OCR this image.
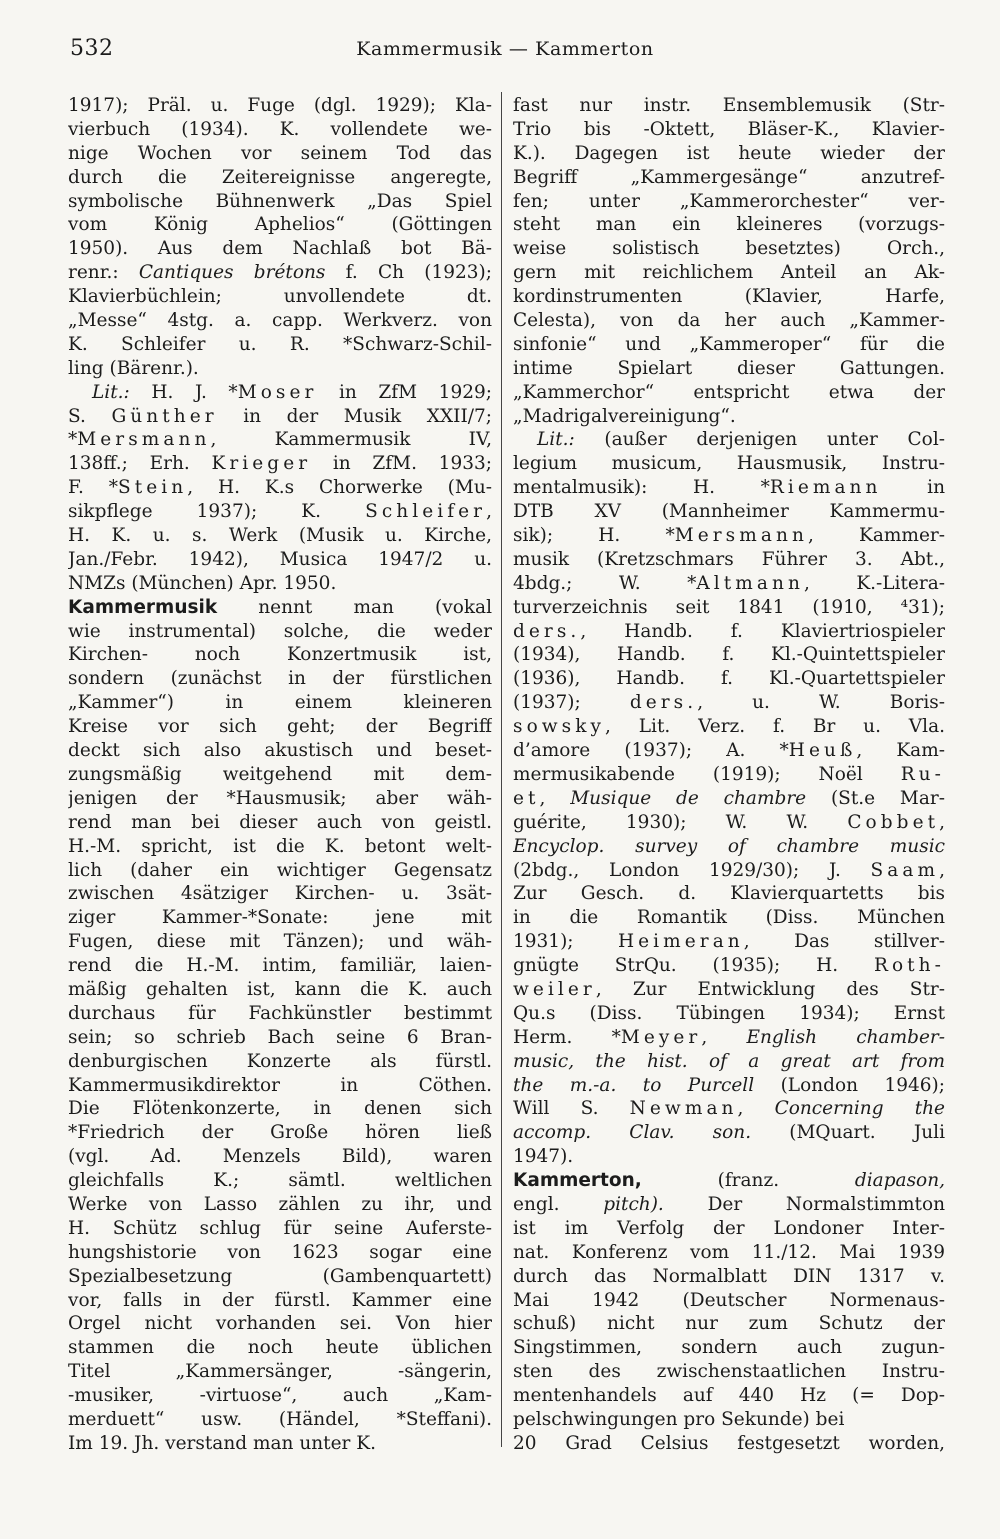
532	Kammermusik — Kammerton
1917); Präl. u. Fuge (dgl. 1929); Kla-
vierbuch (1934). K. vollendete we-
nige Wochen vor seinem Tod das
durch die Zeitereignisse angeregte,
symbolische Bühnenwerk „Das Spiel
vom König Aphelios“ (Göttingen
1950). Aus dem Nachlaß bot Bä-
renr.: Cantiques brétons f. Ch (1923);
Klavierbüchlein; unvollendete dt.
„Messe“ 4stg. a. capp. Werkverz. von
K. Schleifer u. R. *Schwarz-Schil-
ling (Bärenr.).
Lit.: H. J. *Moser in ZfM 1929;
S. Günther in der Musik XXII/7;
*Mersmann, Kammermusik IV,
138ff.; Erh. Krieger in ZfM. 1933;
F. *Stein, H. K.s Chorwerke (Mu-
sikpflege 1937); K. Schleifer,
H. K. u. s. Werk (Musik u. Kirche,
Jan./Febr. 1942), Musica 1947/2 u.
NMZs (München) Apr. 1950.
Kammermusik nennt man (vokal
wie instrumental) solche, die weder
Kirchen- noch Konzertmusik ist,
sondern (zunächst in der fürstlichen
„Kammer“) in einem kleineren
Kreise vor sich geht; der Begriff
deckt sich also akustisch und beset-
zungsmäßig weitgehend mit dem-
jenigen der *Hausmusik; aber wäh-
rend man bei dieser auch von geistl.
H.-M. spricht, ist die K. betont welt-
lich (daher ein wichtiger Gegensatz
zwischen 4sätziger Kirchen- u. 3sät-
ziger Kammer-*Sonate: jene mit
Fugen, diese mit Tänzen); und wäh-
rend die H.-M. intim, familiär, laien-
mäßig gehalten ist, kann die K. auch
durchaus für Fachkünstler bestimmt
sein; so schrieb Bach seine 6 Bran-
denburgischen Konzerte als fürstl.
Kammermusikdirektor in Cöthen.
Die Flötenkonzerte, in denen sich
*Friedrich der Große hören ließ
(vgl. Ad. Menzels Bild), waren
gleichfalls K.; sämtl. weltlichen
Werke von Lasso zählen zu ihr, und
H. Schütz schlug für seine Auferste-
hungshistorie von 1623 sogar eine
Spezialbesetzung (Gambenquartett)
vor, falls in der fürstl. Kammer eine
Orgel nicht vorhanden sei. Von hier
stammen die noch heute üblichen
Titel „Kammersänger, -sängerin,
-musiker, -virtuose“, auch „Kam-
merduett“ usw. (Händel, *Steffani).
Im 19. Jh. verstand man unter K.
fast nur instr. Ensemblemusik (Str-
Trio bis -Oktett, Bläser-K., Klavier-
K.). Dagegen ist heute wieder der
Begriff „Kammergesänge“ anzutref-
fen; unter „Kammerorchester“ ver-
steht man ein kleineres (vorzugs-
weise solistisch besetztes) Orch.,
gern mit reichlichem Anteil an Ak-
kordinstrumenten (Klavier, Harfe,
Celesta), von da her auch „Kammer-
sinfonie“ und „Kammeroper“ für die
intime Spielart dieser Gattungen.
„Kammerchor“ entspricht etwa der
„Madrigalvereinigung“.
Lit.: (außer derjenigen unter Col-
legium musicum, Hausmusik, Instru-
mentalmusik): H. *Riemann in
DTB XV (Mannheimer Kammermu-
sik); H. *Mersmann, Kammer-
musik (Kretzschmars Führer 3. Abt.,
4bdg.; W. *Altmann, K.-Litera-
turverzeichnis seit 1841 (1910, ⁴31);
ders., Handb. f. Klaviertriospieler
(1934), Handb. f. Kl.-Quintettspieler
(1936), Handb. f. Kl.-Quartettspieler
(1937); ders., u. W. Boris-
sowsky, Lit. Verz. f. Br u. Vla.
d’amore (1937); A. *Heuß, Kam-
mermusikabende (1919); Noël Ru-
et, Musique de chambre (St.e Mar-
guérite, 1930); W. W. Cobbet,
Encyclop. survey of chambre music
(2bdg., London 1929/30); J. Saam,
Zur Gesch. d. Klavierquartetts bis
in die Romantik (Diss. München
1931); Heimeran, Das stillver-
gnügte StrQu. (1935); H. Roth-
weiler, Zur Entwicklung des Str-
Qu.s (Diss. Tübingen 1934); Ernst
Herm. *Meyer, English chamber-
music, the hist. of a great art from
the m.-a. to Purcell (London 1946);
Will S. Newman, Concerning the
accomp. Clav. son. (MQuart. Juli
1947).
Kammerton, (franz. diapason,
engl. pitch). Der Normalstimmton
ist im Verfolg der Londoner Inter-
nat. Konferenz vom 11./12. Mai 1939
durch das Normalblatt DIN 1317 v.
Mai 1942 (Deutscher Normenaus-
schuß) nicht nur zum Schutz der
Singstimmen, sondern auch zugun-
sten des zwischenstaatlichen Instru-
mentenhandels auf 440 Hz (= Dop-
pelschwingungen pro Sekunde) bei
20 Grad Celsius festgesetzt worden,
